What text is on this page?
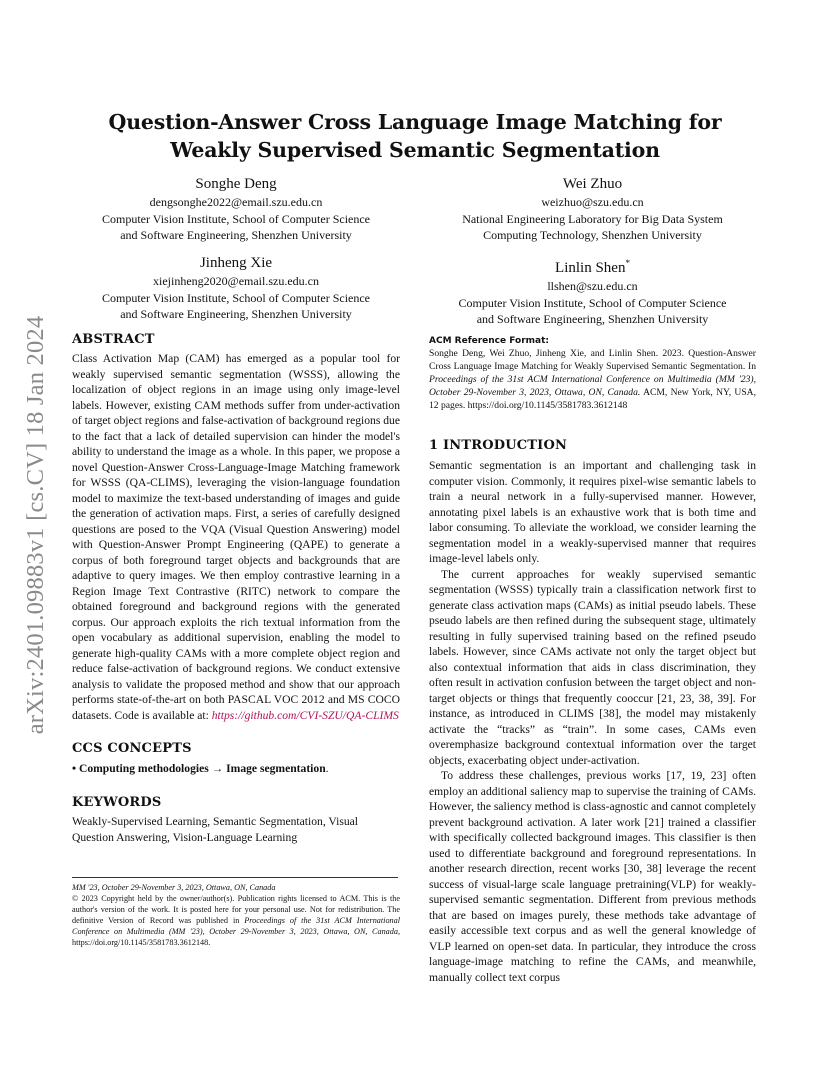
arXiv:2401.09883v1 [cs.CV] 18 Jan 2024
Question-Answer Cross Language Image Matching for Weakly Supervised Semantic Segmentation
Songhe Deng
dengsonghe2022@email.szu.edu.cn
Computer Vision Institute, School of Computer Science
and Software Engineering, Shenzhen University
Wei Zhuo
weizhuo@szu.edu.cn
National Engineering Laboratory for Big Data System
Computing Technology, Shenzhen University
Jinheng Xie
xiejinheng2020@email.szu.edu.cn
Computer Vision Institute, School of Computer Science
and Software Engineering, Shenzhen University
Linlin Shen*
llshen@szu.edu.cn
Computer Vision Institute, School of Computer Science
and Software Engineering, Shenzhen University
ABSTRACT

Class Activation Map (CAM) has emerged as a popular tool for weakly supervised semantic segmentation (WSSS), allowing the localization of object regions in an image using only image-level labels. However, existing CAM methods suffer from under-activation of target object regions and false-activation of background regions due to the fact that a lack of detailed supervision can hinder the model's ability to understand the image as a whole. In this paper, we propose a novel Question-Answer Cross-Language-Image Matching framework for WSSS (QA-CLIMS), leveraging the vision-language foundation model to maximize the text-based understanding of images and guide the generation of activation maps. First, a series of carefully designed questions are posed to the VQA (Visual Question Answering) model with Question-Answer Prompt Engineering (QAPE) to generate a corpus of both foreground target objects and backgrounds that are adaptive to query images. We then employ contrastive learning in a Region Image Text Contrastive (RITC) network to compare the obtained foreground and background regions with the generated corpus. Our approach exploits the rich textual information from the open vocabulary as additional supervision, enabling the model to generate high-quality CAMs with a more complete object region and reduce false-activation of background regions. We conduct extensive analysis to validate the proposed method and show that our approach performs state-of-the-art on both PASCAL VOC 2012 and MS COCO datasets. Code is available at: https://github.com/CVI-SZU/QA-CLIMS

CCS CONCEPTS
• Computing methodologies → Image segmentation.
KEYWORDS

Weakly-Supervised Learning, Semantic Segmentation, Visual Question Answering, Vision-Language Learning

MM '23, October 29-November 3, 2023, Ottawa, ON, Canada
© 2023 Copyright held by the owner/author(s). Publication rights licensed to ACM. This is the author's version of the work. It is posted here for your personal use. Not for redistribution. The definitive Version of Record was published in Proceedings of the 31st ACM International Conference on Multimedia (MM '23), October 29-November 3, 2023, Ottawa, ON, Canada, https://doi.org/10.1145/3581783.3612148.
ACM Reference Format:
Songhe Deng, Wei Zhuo, Jinheng Xie, and Linlin Shen. 2023. Question-Answer Cross Language Image Matching for Weakly Supervised Semantic Segmentation. In Proceedings of the 31st ACM International Conference on Multimedia (MM '23), October 29-November 3, 2023, Ottawa, ON, Canada. ACM, New York, NY, USA, 12 pages. https://doi.org/10.1145/3581783.3612148
1 INTRODUCTION

Semantic segmentation is an important and challenging task in computer vision. Commonly, it requires pixel-wise semantic labels to train a neural network in a fully-supervised manner. However, annotating pixel labels is an exhaustive work that is both time and labor consuming. To alleviate the workload, we consider learning the segmentation model in a weakly-supervised manner that requires image-level labels only.

The current approaches for weakly supervised semantic segmentation (WSSS) typically train a classification network first to generate class activation maps (CAMs) as initial pseudo labels. These pseudo labels are then refined during the subsequent stage, ultimately resulting in fully supervised training based on the refined pseudo labels. However, since CAMs activate not only the target object but also contextual information that aids in class discrimination, they often result in activation confusion between the target object and non-target objects or things that frequently cooccur [21, 23, 38, 39]. For instance, as introduced in CLIMS [38], the model may mistakenly activate the “tracks” as “train”. In some cases, CAMs even overemphasize background contextual information over the target objects, exacerbating object under-activation.

To address these challenges, previous works [17, 19, 23] often employ an additional saliency map to supervise the training of CAMs. However, the saliency method is class-agnostic and cannot completely prevent background activation. A later work [21] trained a classifier with specifically collected background images. This classifier is then used to differentiate background and foreground representations. In another research direction, recent works [30, 38] leverage the recent success of visual-large scale language pretraining(VLP) for weakly-supervised semantic segmentation. Different from previous methods that are based on images purely, these methods take advantage of easily accessible text corpus and as well the general knowledge of VLP learned on open-set data. In particular, they introduce the cross language-image matching to refine the CAMs, and meanwhile, manually collect text corpus
